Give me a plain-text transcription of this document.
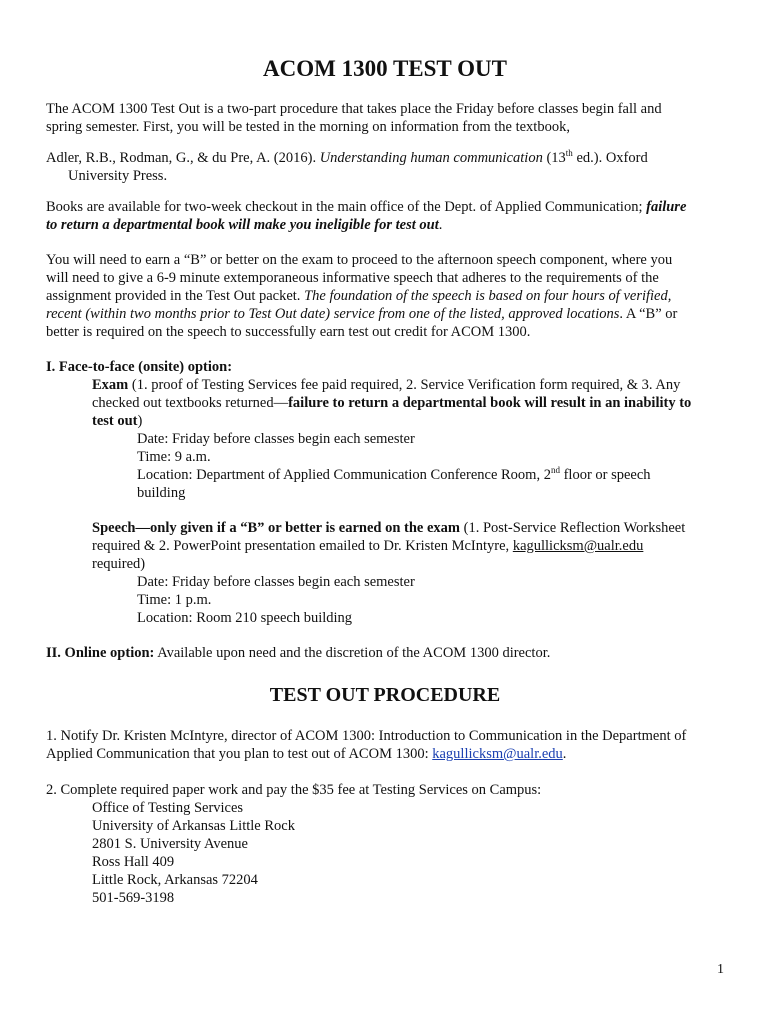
ACOM 1300 TEST OUT
The ACOM 1300 Test Out is a two-part procedure that takes place the Friday before classes begin fall and
spring semester. First, you will be tested in the morning on information from the textbook,
Adler, R.B., Rodman, G., & du Pre, A. (2016). Understanding human communication (13th ed.). Oxford
University Press.
Books are available for two-week checkout in the main office of the Dept. of Applied Communication; failure
to return a departmental book will make you ineligible for test out.
You will need to earn a “B” or better on the exam to proceed to the afternoon speech component, where you
will need to give a 6-9 minute extemporaneous informative speech that adheres to the requirements of the
assignment provided in the Test Out packet. The foundation of the speech is based on four hours of verified,
recent (within two months prior to Test Out date) service from one of the listed, approved locations. A “B” or
better is required on the speech to successfully earn test out credit for ACOM 1300.
I. Face-to-face (onsite) option:
Exam (1. proof of Testing Services fee paid required, 2. Service Verification form required, & 3. Any
checked out textbooks returned—failure to return a departmental book will result in an inability to
test out)
Date: Friday before classes begin each semester
Time: 9 a.m.
Location: Department of Applied Communication Conference Room, 2nd floor or speech
building
Speech—only given if a “B” or better is earned on the exam (1. Post-Service Reflection Worksheet
required & 2. PowerPoint presentation emailed to Dr. Kristen McIntyre, kagullicksm@ualr.edu
required)
Date: Friday before classes begin each semester
Time: 1 p.m.
Location: Room 210 speech building
II. Online option: Available upon need and the discretion of the ACOM 1300 director.
TEST OUT PROCEDURE
1. Notify Dr. Kristen McIntyre, director of ACOM 1300: Introduction to Communication in the Department of
Applied Communication that you plan to test out of ACOM 1300: kagullicksm@ualr.edu.
2. Complete required paper work and pay the $35 fee at Testing Services on Campus:
Office of Testing Services
University of Arkansas Little Rock
2801 S. University Avenue
Ross Hall 409
Little Rock, Arkansas 72204
501-569-3198
1
